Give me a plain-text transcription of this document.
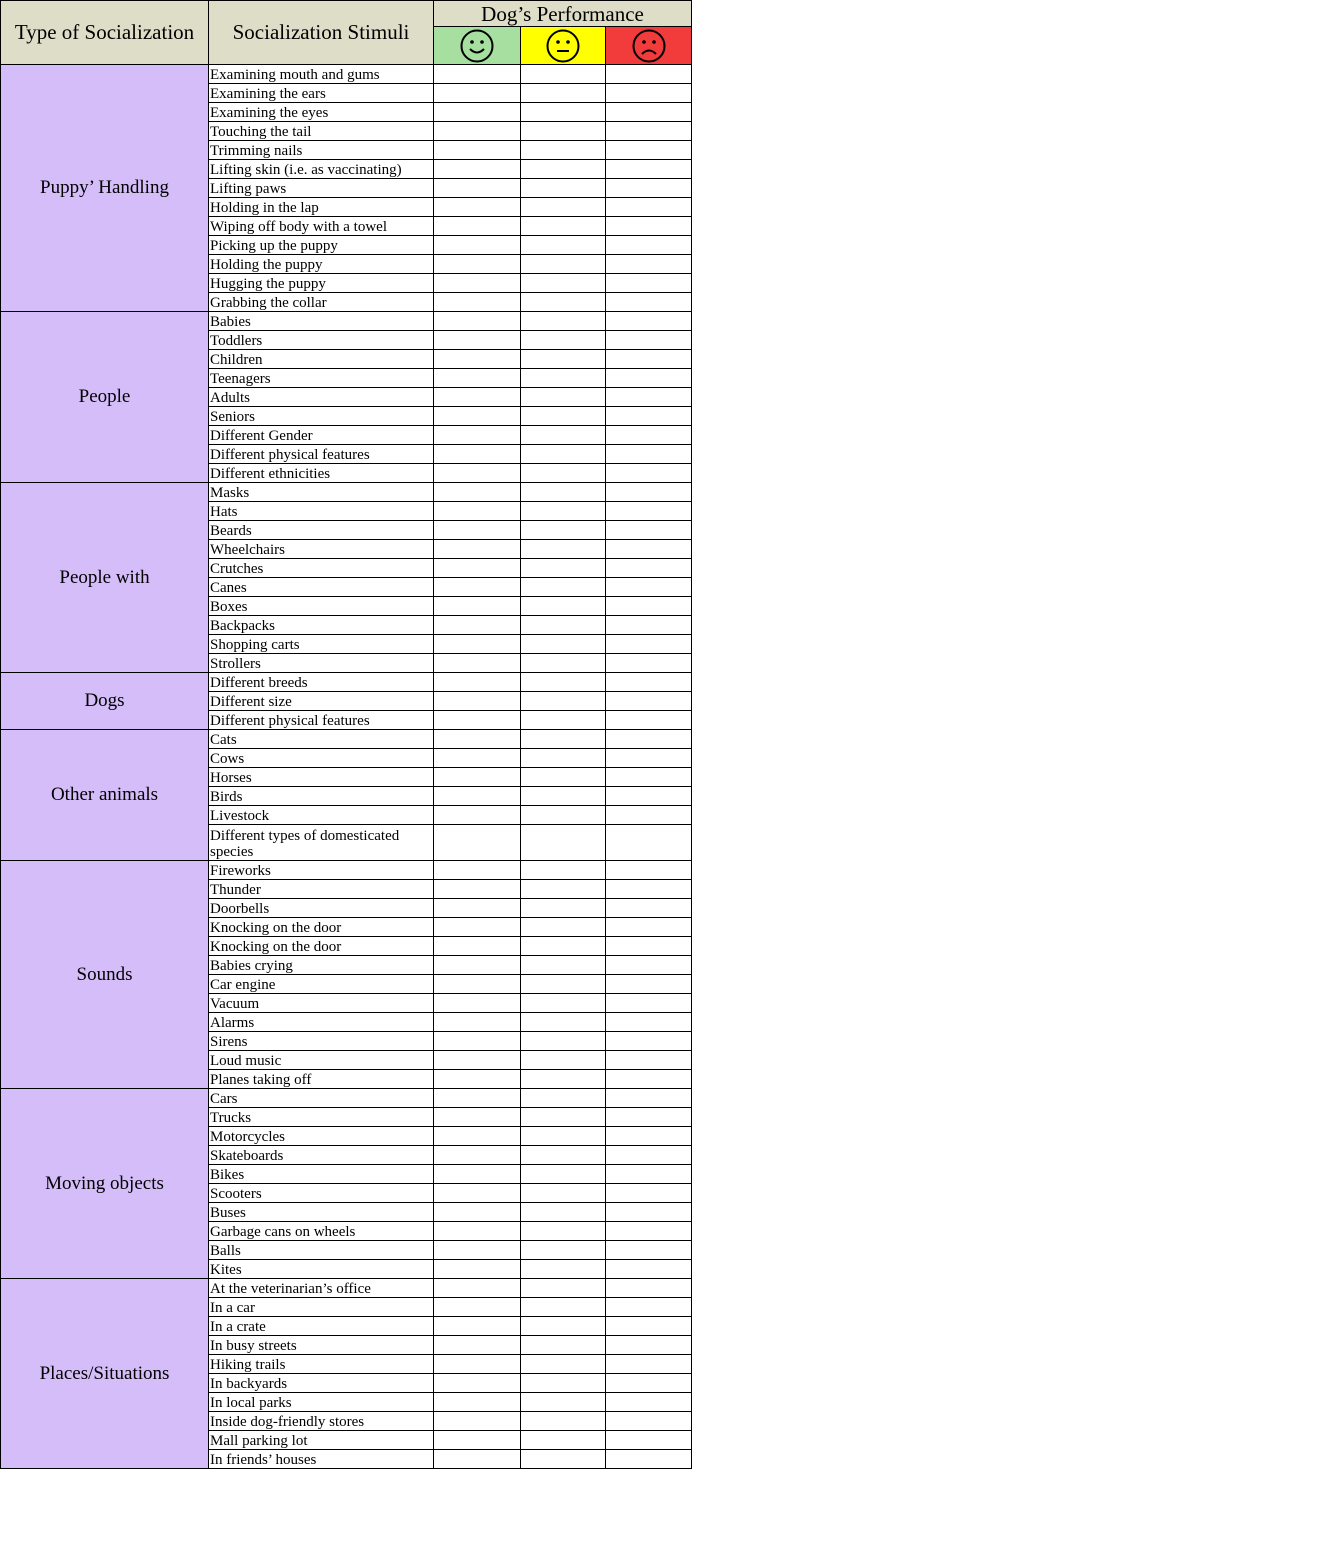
Type of Socialization	Socialization Stimuli	Dog’s Performance		

Puppy’ Handling	Examining mouth and gums			
	Examining the ears			
	Examining the eyes			
	Touching the tail			
	Trimming nails			
	Lifting skin (i.e. as vaccinating)			
	Lifting paws			
	Holding in the lap			
	Wiping off body with a towel			
	Picking up the puppy			
	Holding the puppy			
	Hugging the puppy			
	Grabbing the collar			
People	Babies			
	Toddlers			
	Children			
	Teenagers			
	Adults			
	Seniors			
	Different Gender			
	Different physical features			
	Different ethnicities			
People with	Masks			
	Hats			
	Beards			
	Wheelchairs			
	Crutches			
	Canes			
	Boxes			
	Backpacks			
	Shopping carts			
	Strollers			
Dogs	Different breeds			
	Different size			
	Different physical features			
Other animals	Cats			
	Cows			
	Horses			
	Birds			
	Livestock			
	Different types of domesticated species			
Sounds	Fireworks			
	Thunder			
	Doorbells			
	Knocking on the door			
	Knocking on the door			
	Babies crying			
	Car engine			
	Vacuum			
	Alarms			
	Sirens			
	Loud music			
	Planes taking off			
Moving objects	Cars			
	Trucks			
	Motorcycles			
	Skateboards			
	Bikes			
	Scooters			
	Buses			
	Garbage cans on wheels			
	Balls			
	Kites			
Places/Situations	At the veterinarian’s office			
	In a car			
	In a crate			
	In busy streets			
	Hiking trails			
	In backyards			
	In local parks			
	Inside dog-friendly stores			
	Mall parking lot			
	In friends’ houses			
